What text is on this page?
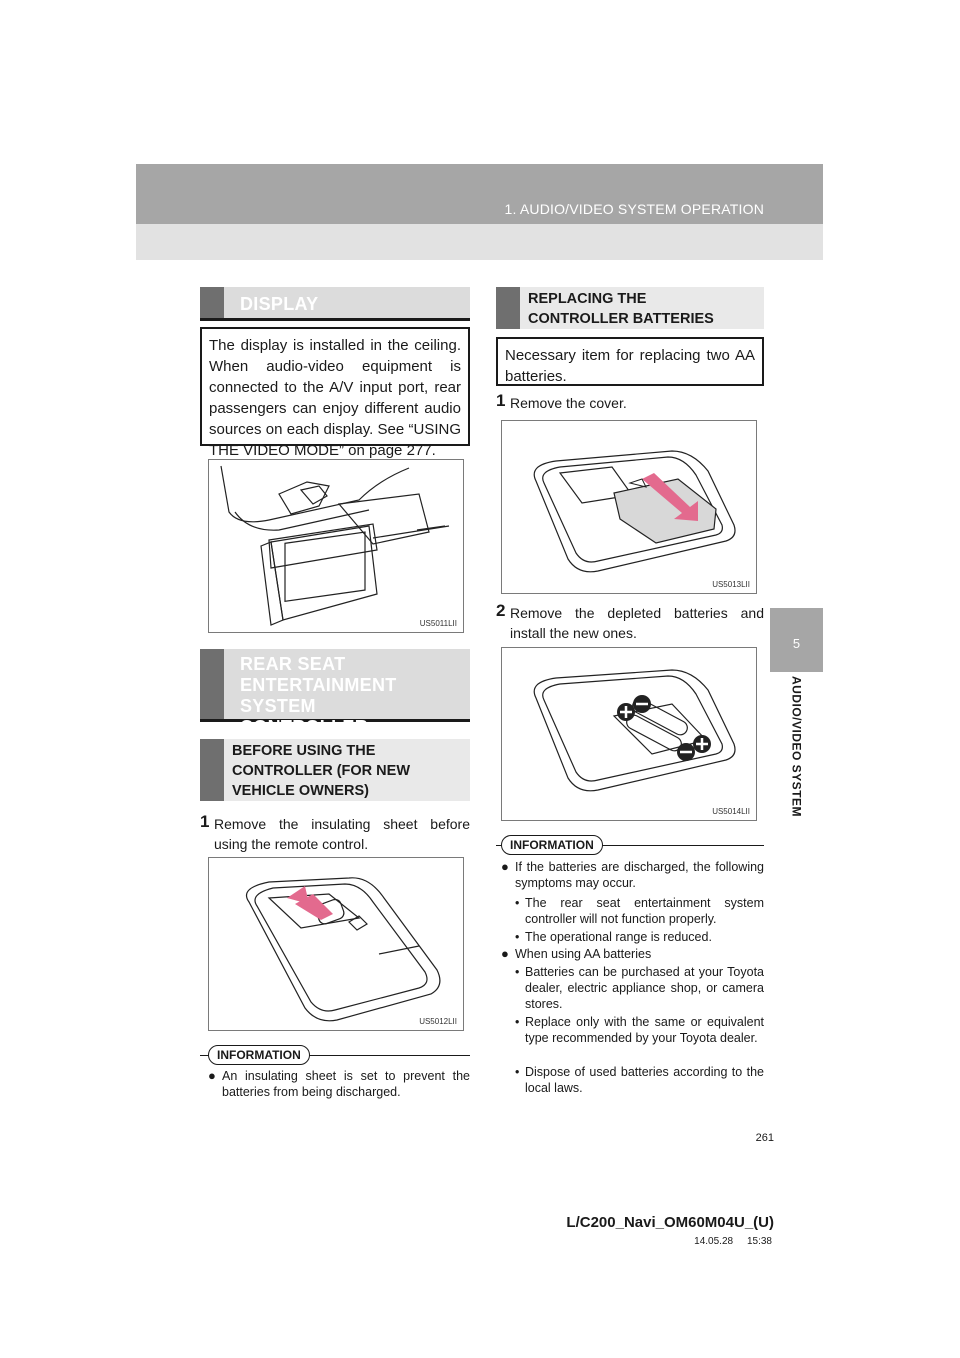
1. AUDIO/VIDEO SYSTEM OPERATION
5
AUDIO/VIDEO SYSTEM
DISPLAY
The display is installed in the ceiling. When audio-video equipment is connected to the A/V input port, rear passengers can enjoy different audio sources on each display. See “USING THE VIDEO MODE” on page 277.
US5011LII
REAR SEAT
ENTERTAINMENT SYSTEM
CONTROLLER
BEFORE USING THE
CONTROLLER (FOR NEW
VEHICLE OWNERS)
1 Remove the insulating sheet before using the remote control.
US5012LII
INFORMATION
● An insulating sheet is set to prevent the batteries from being discharged.
REPLACING THE
CONTROLLER BATTERIES
Necessary item for replacing two AA batteries.
1 Remove the cover.
US5013LII
2 Remove the depleted batteries and install the new ones.
US5014LII
INFORMATION
● If the batteries are discharged, the following symptoms may occur.
• The rear seat entertainment system controller will not function properly.
• The operational range is reduced.
● When using AA batteries
• Batteries can be purchased at your Toyota dealer, electric appliance shop, or camera stores.
• Replace only with the same or equivalent type recommended by your Toyota dealer.
• Dispose of used batteries according to the local laws.
261
L/C200_Navi_OM60M04U_(U)
14.05.28     15:38
